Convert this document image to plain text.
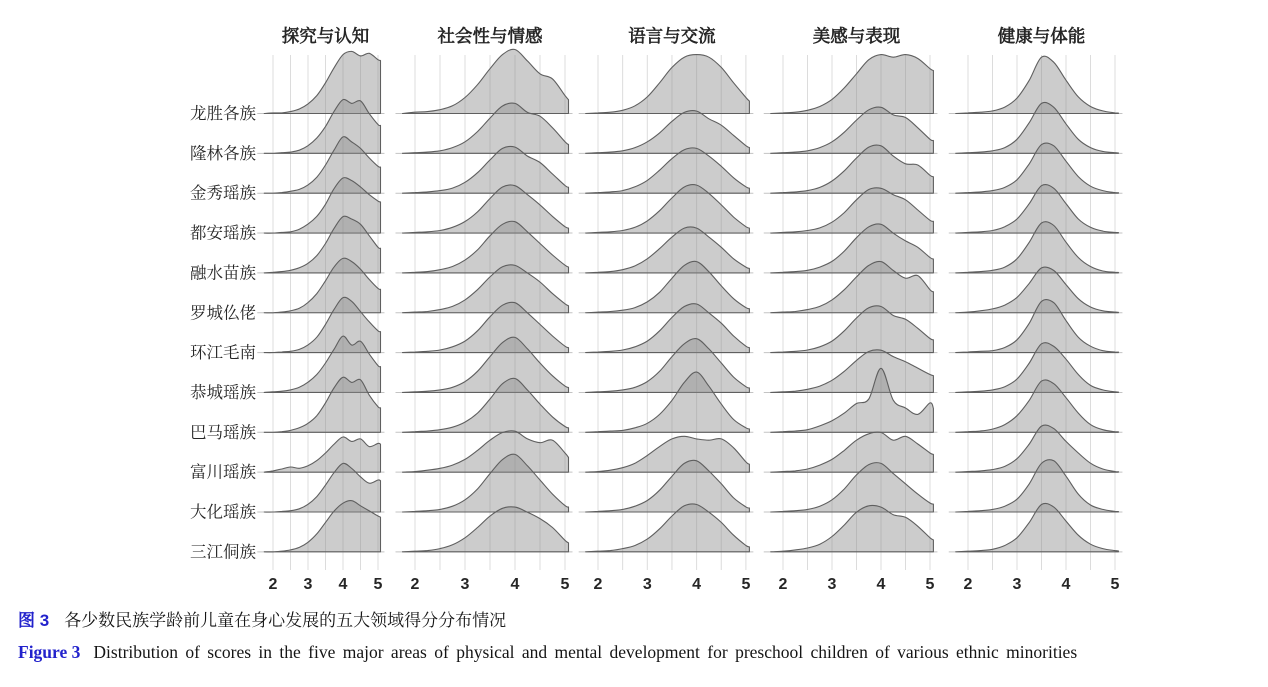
探究与认知
2 3 4 5
社会性与情感
2	3	4	5
语言与交流
2	3	4	5
美感与表现
2	3	4	5
健康与体能
2	3	4	5
龙胜各族
隆林各族
金秀瑶族
都安瑶族
融水苗族
罗城仫佬
环江毛南
恭城瑶族
巴马瑶族
富川瑶族
大化瑶族
三江侗族
图 3 各少数民族学龄前儿童在身心发展的五大领域得分分布情况
Figure 3 Distribution of scores in the five major areas of physical and mental development for preschool children of various ethnic minorities
